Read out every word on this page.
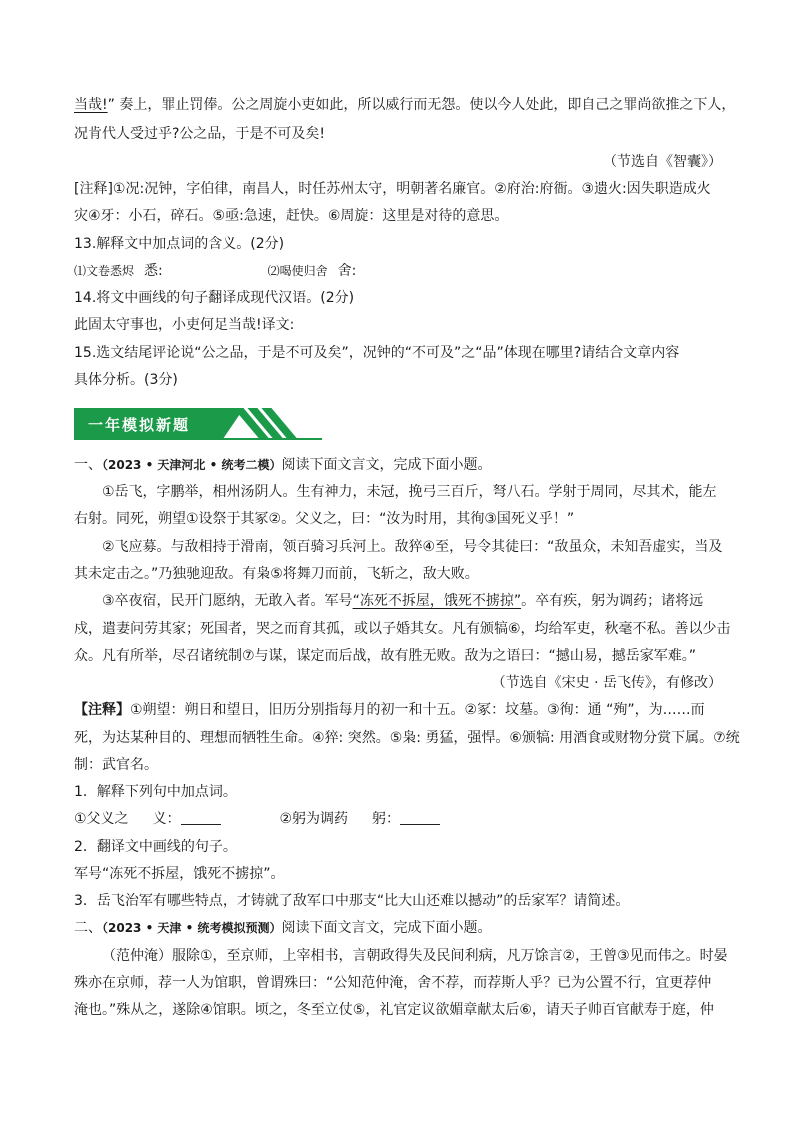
当哉!” 奏上，罪止罚俸。公之周旋小吏如此，所以威行而无怨。使以今人处此，即自己之罪尚欲推之下人，
况肯代人受过乎?公之品，于是不可及矣!
（节选自《智囊》）
[注释]①况:况钟，字伯律，南昌人，时任苏州太守，明朝著名廉官。②府治:府衙。③遗火:因失职造成火
灾④牙：小石，碎石。⑤亟:急速，赶快。⑥周旋：这里是对待的意思。
13.解释文中加点词的含义。(2分)
⑴文卷悉烬 悉:	⑵喝使归舍 舍:
14.将文中画线的句子翻译成现代汉语。(2分)
此固太守事也，小吏何足当哉!译文:
15.选文结尾评论说“公之品，于是不可及矣”，况钟的“不可及”之“品”体现在哪里?请结合文章内容
具体分析。(3分)
一年模拟新题
一、（2023 • 天津河北 • 统考二模）阅读下面文言文，完成下面小题。
①岳飞，字鹏举，相州汤阴人。生有神力，未冠，挽弓三百斤，弩八石。学射于周同，尽其术，能左
右射。同死，朔望①设祭于其冢②。父义之，曰：“汝为时用，其徇③国死义乎！”
②飞应募。与敌相持于滑南，领百骑习兵河上。敌猝④至，号令其徒曰：“敌虽众，未知吾虚实，当及
其未定击之。”乃独驰迎敌。有枭⑤将舞刀而前，飞斩之，敌大败。
③卒夜宿，民开门愿纳，无敢入者。军号“冻死不拆屋，饿死不掳掠”。卒有疾，躬为调药；诸将远
戍，遣妻问劳其家；死国者，哭之而育其孤，或以子婚其女。凡有颁犒⑥，均给军吏，秋毫不私。善以少击
众。凡有所举，尽召诸统制⑦与谋，谋定而后战，故有胜无败。敌为之语曰：“撼山易，撼岳家军难。”
（节选自《宋史 · 岳飞传》，有修改）
【注释】①朔望：朔日和望日，旧历分别指每月的初一和十五。②冢：坟墓。③徇：通 “殉”，为……而
死，为达某种目的、理想而牺牲生命。④猝: 突然。⑤枭: 勇猛，强悍。⑥颁犒: 用酒食或财物分赏下属。⑦统
制：武官名。
1．解释下列句中加点词。
①父义之 义：	②躬为调药 躬：
2．翻译文中画线的句子。
军号“冻死不拆屋，饿死不掳掠”。
3．岳飞治军有哪些特点，才铸就了敌军口中那支“比大山还难以撼动”的岳家军？请简述。
二、（2023 • 天津 • 统考模拟预测）阅读下面文言文，完成下面小题。
（范仲淹）服除①，至京师，上宰相书，言朝政得失及民间利病，凡万馀言②，王曾③见而伟之。时晏
殊亦在京师，荐一人为馆职，曾谓殊曰：“公知范仲淹，舍不荐，而荐斯人乎？已为公置不行，宜更荐仲
淹也。”殊从之，遂除④馆职。顷之，冬至立仗⑤，礼官定议欲媚章献太后⑥，请天子帅百官献寿于庭，仲
